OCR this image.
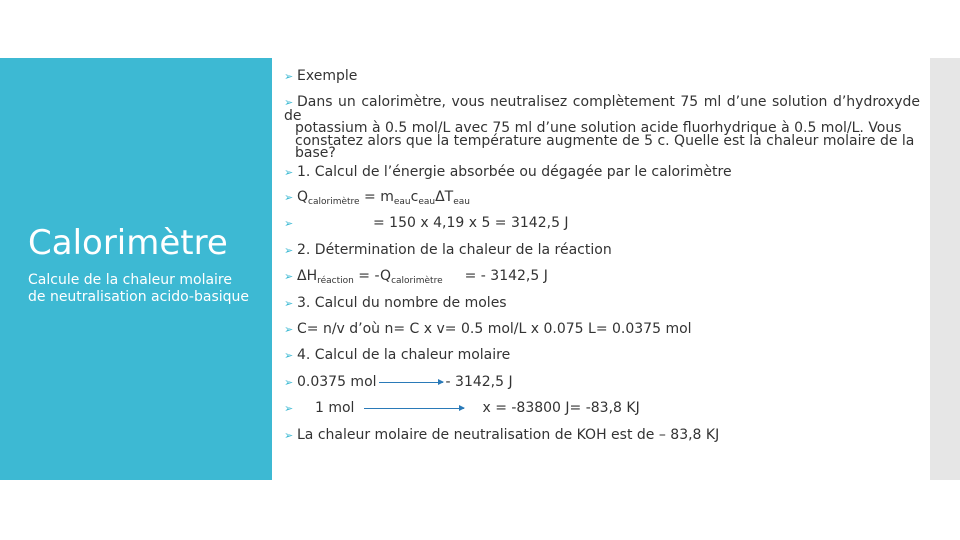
Calorimètre
Calcule de la chaleur molaire de neutralisation acido-basique
➢ Exemple
➢ Dans un calorimètre, vous neutralisez complètement 75 ml d’une solution d’hydroxyde de
potassium à 0.5 mol/L avec 75 ml d’une solution acide fluorhydrique à 0.5 mol/L. Vous
constatez alors que la température augmente de 5 c. Quelle est la chaleur molaire de la
base?
➢ 1. Calcul de l’énergie absorbée ou dégagée par le calorimètre
➢ $Q_{calorimètre} = m_{eau}c_{eau}\Delta T_{eau}$
➢	= 150 x 4,19 x 5 = 3142,5 J
➢ 2. Détermination de la chaleur de la réaction
➢ $\Delta H_{réaction} = -Q_{calorimètre}$ = - 3142,5 J
➢ 3. Calcul du nombre de moles
➢ C= n/v d’où n= C x v= 0.5 mol/L x 0.075 L= 0.0375 mol
➢ 4. Calcul de la chaleur molaire
➢ 0.0375 mol	- 3142,5 J
➢ 1 mol	x = -83800 J= -83,8 KJ
➢ La chaleur molaire de neutralisation de KOH est de – 83,8 KJ
